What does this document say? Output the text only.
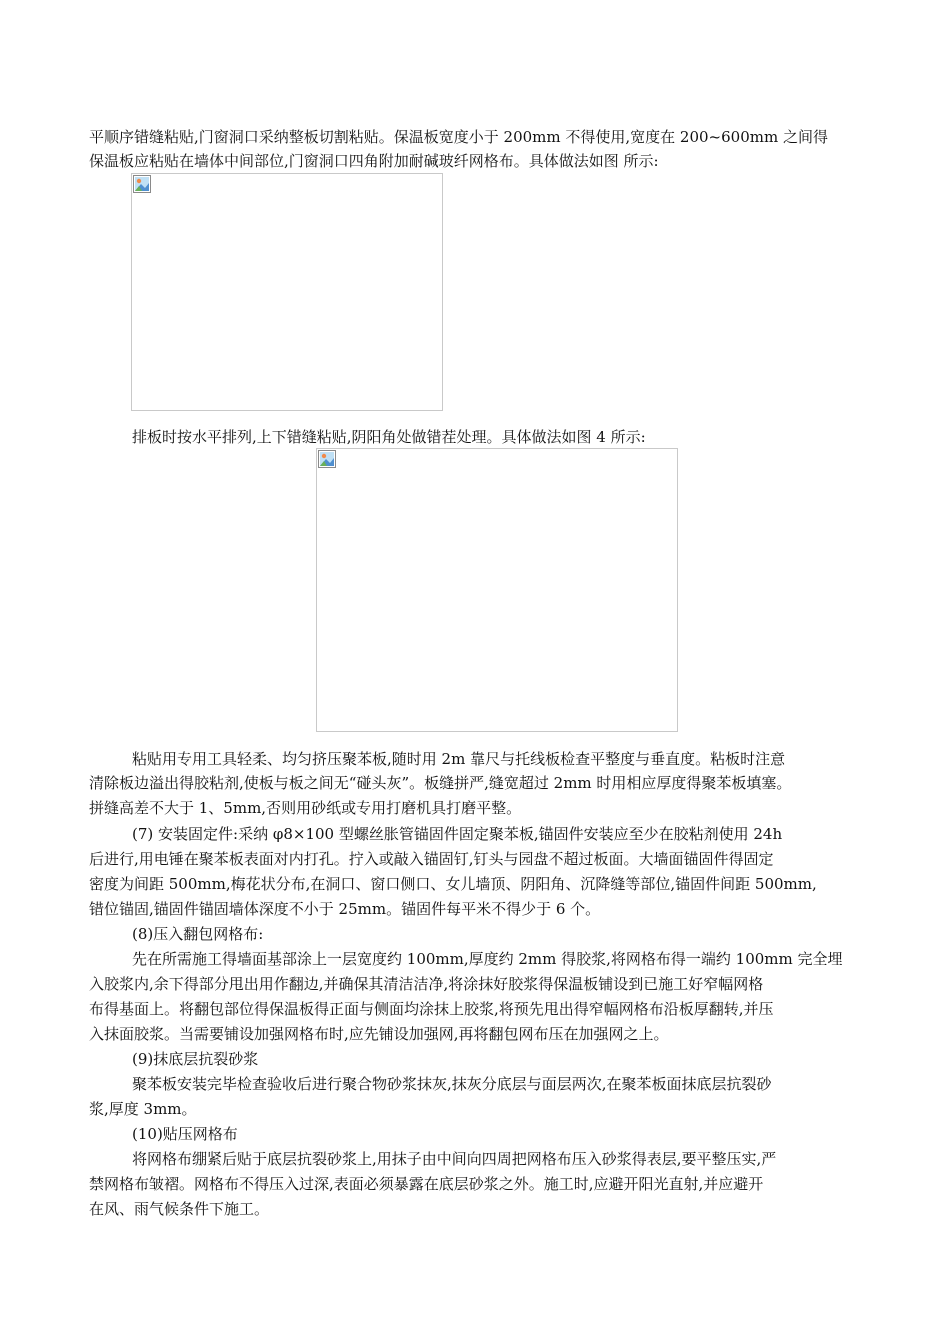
平顺序错缝粘贴,门窗洞口采纳整板切割粘贴。保温板宽度小于 200mm 不得使用,宽度在 200~600mm 之间得
保温板应粘贴在墙体中间部位,门窗洞口四角附加耐碱玻纤网格布。具体做法如图 所示:
排板时按水平排列,上下错缝粘贴,阴阳角处做错茬处理。具体做法如图 4 所示:
粘贴用专用工具轻柔、均匀挤压聚苯板,随时用 2m 靠尺与托线板检查平整度与垂直度。粘板时注意
清除板边溢出得胶粘剂,使板与板之间无“碰头灰”。板缝拼严,缝宽超过 2mm 时用相应厚度得聚苯板填塞。
拼缝高差不大于 1、5mm,否则用砂纸或专用打磨机具打磨平整。
(7) 安装固定件:采纳 φ8×100 型螺丝胀管锚固件固定聚苯板,锚固件安装应至少在胶粘剂使用 24h
后进行,用电锤在聚苯板表面对内打孔。拧入或敲入锚固钉,钉头与园盘不超过板面。大墙面锚固件得固定
密度为间距 500mm,梅花状分布,在洞口、窗口侧口、女儿墙顶、阴阳角、沉降缝等部位,锚固件间距 500mm,
错位锚固,锚固件锚固墙体深度不小于 25mm。锚固件每平米不得少于 6 个。
(8)压入翻包网格布:
先在所需施工得墙面基部涂上一层宽度约 100mm,厚度约 2mm 得胶浆,将网格布得一端约 100mm 完全埋
入胶浆内,余下得部分甩出用作翻边,并确保其清洁洁净,将涂抹好胶浆得保温板铺设到已施工好窄幅网格
布得基面上。将翻包部位得保温板得正面与侧面均涂抹上胶浆,将预先甩出得窄幅网格布沿板厚翻转,并压
入抹面胶浆。当需要铺设加强网格布时,应先铺设加强网,再将翻包网布压在加强网之上。
(9)抹底层抗裂砂浆
聚苯板安装完毕检查验收后进行聚合物砂浆抹灰,抹灰分底层与面层两次,在聚苯板面抹底层抗裂砂
浆,厚度 3mm。
(10)贴压网格布
将网格布绷紧后贴于底层抗裂砂浆上,用抹子由中间向四周把网格布压入砂浆得表层,要平整压实,严
禁网格布皱褶。网格布不得压入过深,表面必须暴露在底层砂浆之外。施工时,应避开阳光直射,并应避开
在风、雨气候条件下施工。
